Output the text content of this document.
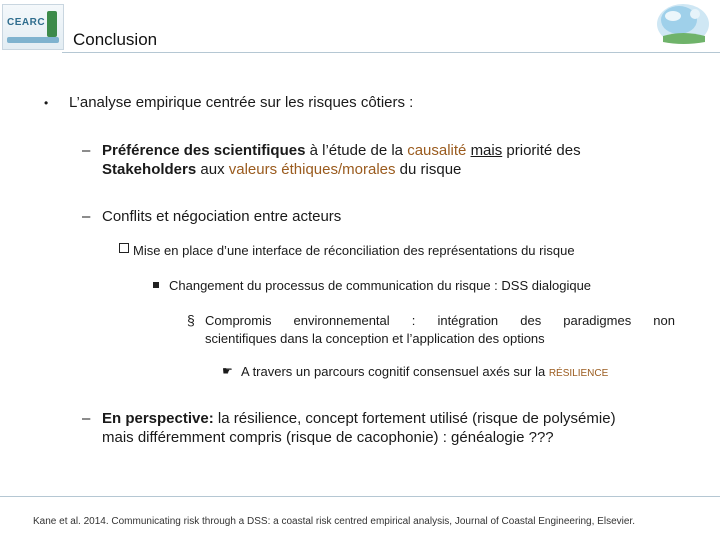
CEARC
Conclusion
• L’analyse empirique centrée sur les risques côtiers :
– Préférence des scientifiques à l’étude de la causalité mais priorité des
Stakeholders aux valeurs éthiques/morales du risque
– Conflits et négociation entre acteurs
Mise en place d’une interface de réconciliation des représentations du risque
Changement du processus de communication du risque : DSS dialogique
§ Compromis environnemental : intégration des paradigmes non
scientifiques dans la conception et l’application des options
☛ A travers un parcours cognitif consensuel axés sur la RÉSILIENCE
– En perspective: la résilience, concept fortement utilisé (risque de polysémie)
mais différemment compris (risque de cacophonie) : généalogie ???
Kane et al. 2014. Communicating risk through a DSS: a coastal risk centred empirical analysis, Journal of Coastal Engineering, Elsevier.
